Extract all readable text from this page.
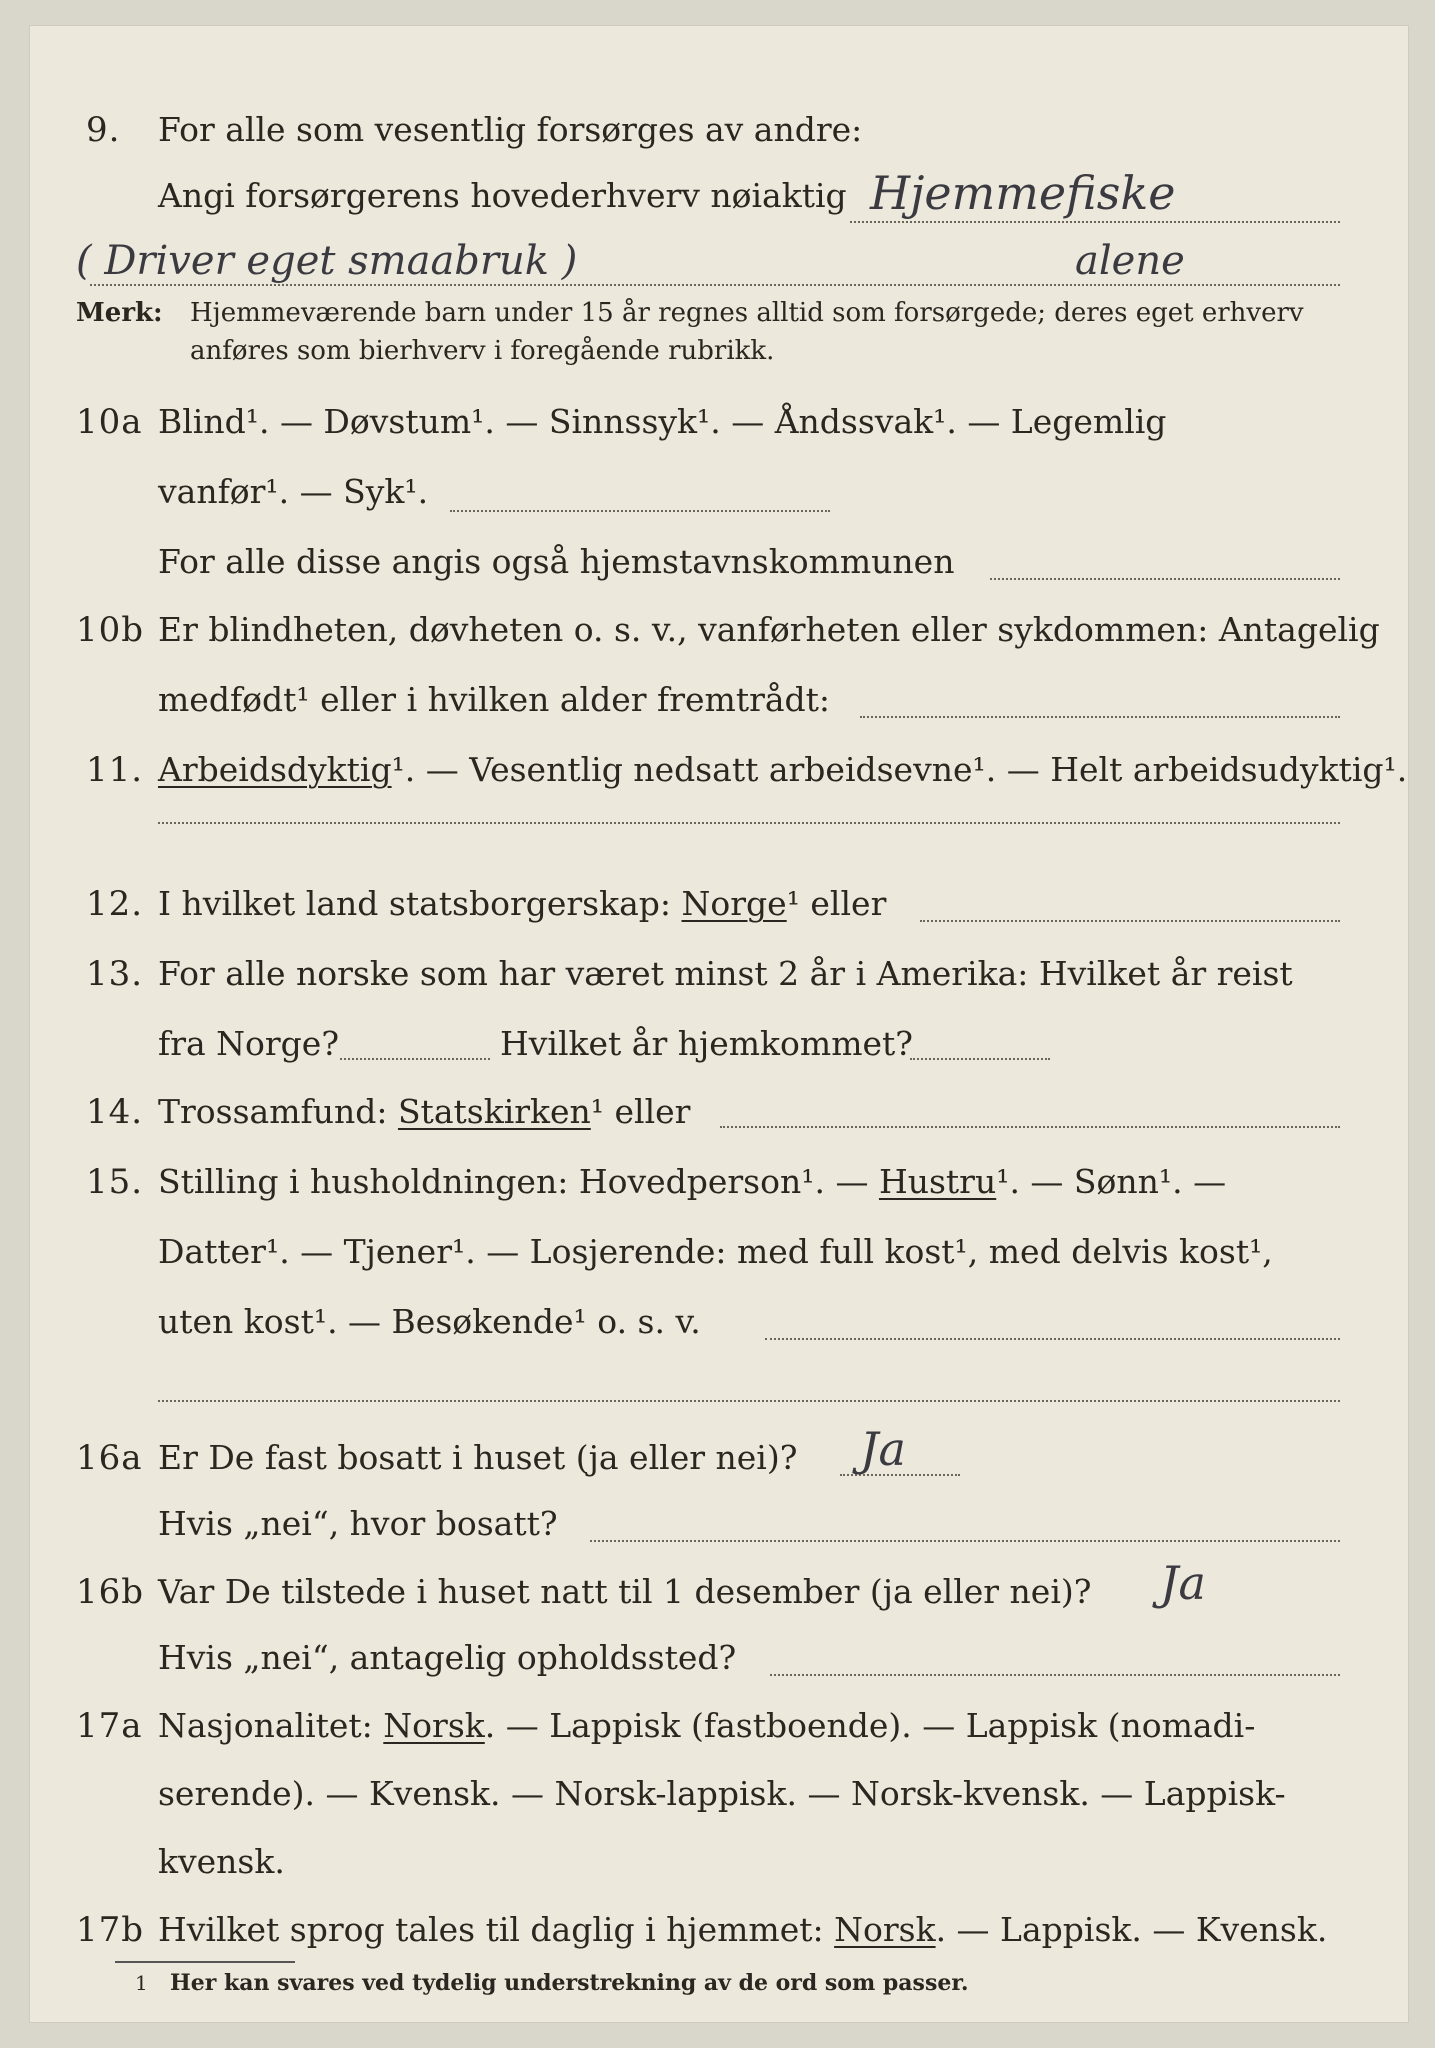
9. For alle som vesentlig forsørges av andre:
Angi forsørgerens hovederhverv nøiaktig Hjemmefiske
( Driver eget smaabruk )	alene
Merk: Hjemmeværende barn under 15 år regnes alltid som forsørgede; deres eget erhverv
anføres som bierhverv i foregående rubrikk.
10a Blind¹. — Døvstum¹. — Sinnssyk¹. — Åndssvak¹. — Legemlig
vanfør¹. — Syk¹.
For alle disse angis også hjemstavnskommunen
10b Er blindheten, døvheten o. s. v., vanførheten eller sykdommen: Antagelig
medfødt¹ eller i hvilken alder fremtrådt:
11. Arbeidsdyktig¹. — Vesentlig nedsatt arbeidsevne¹. — Helt arbeidsudyktig¹.
12. I hvilket land statsborgerskap: Norge¹ eller
13. For alle norske som har været minst 2 år i Amerika: Hvilket år reist
fra Norge?	Hvilket år hjemkommet?
14. Trossamfund: Statskirken¹ eller
15. Stilling i husholdningen: Hovedperson¹. — Hustru¹. — Sønn¹. —
Datter¹. — Tjener¹. — Losjerende: med full kost¹, med delvis kost¹,
uten kost¹. — Besøkende¹ o. s. v.
16a Er De fast bosatt i huset (ja eller nei)? Ja
Hvis „nei“, hvor bosatt?
16b Var De tilstede i huset natt til 1 desember (ja eller nei)? Ja
Hvis „nei“, antagelig opholdssted?
17a Nasjonalitet: Norsk. — Lappisk (fastboende). — Lappisk (nomadi-
serende). — Kvensk. — Norsk-lappisk. — Norsk-kvensk. — Lappisk-
kvensk.
17b Hvilket sprog tales til daglig i hjemmet: Norsk. — Lappisk. — Kvensk.
1 Her kan svares ved tydelig understrekning av de ord som passer.
